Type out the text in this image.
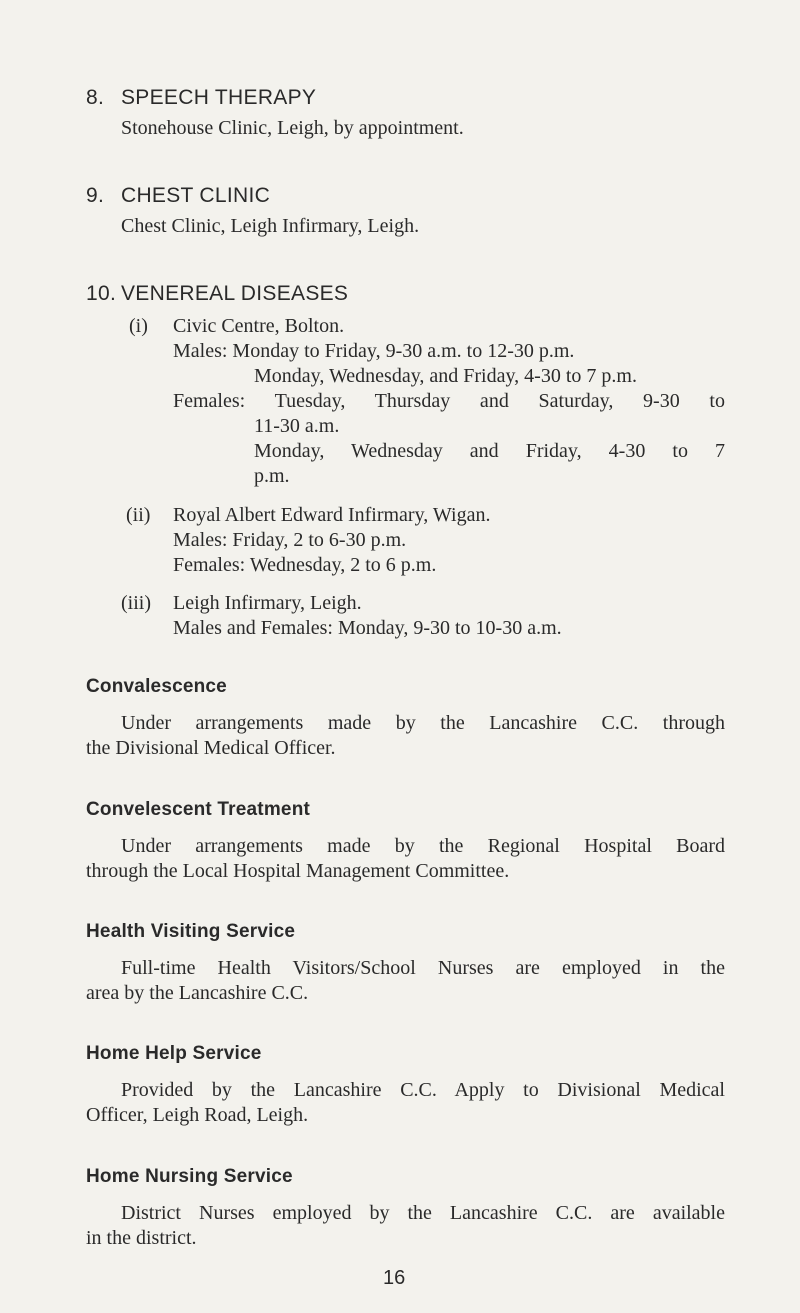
8. SPEECH THERAPY
Stonehouse Clinic, Leigh, by appointment.
9. CHEST CLINIC
Chest Clinic, Leigh Infirmary, Leigh.
10. VENEREAL DISEASES
(i) Civic Centre, Bolton.
Males: Monday to Friday, 9-30 a.m. to 12-30 p.m.
Monday, Wednesday, and Friday, 4-30 to 7 p.m.
Females: Tuesday, Thursday and Saturday, 9-30 to
11-30 a.m.
Monday, Wednesday and Friday, 4-30 to 7
p.m.
(ii) Royal Albert Edward Infirmary, Wigan.
Males: Friday, 2 to 6-30 p.m.
Females: Wednesday, 2 to 6 p.m.
(iii) Leigh Infirmary, Leigh.
Males and Females: Monday, 9-30 to 10-30 a.m.
Convalescence
Under arrangements made by the Lancashire C.C. through
the Divisional Medical Officer.
Convelescent Treatment
Under arrangements made by the Regional Hospital Board
through the Local Hospital Management Committee.
Health Visiting Service
Full-time Health Visitors/School Nurses are employed in the
area by the Lancashire C.C.
Home Help Service
Provided by the Lancashire C.C. Apply to Divisional Medical
Officer, Leigh Road, Leigh.
Home Nursing Service
District Nurses employed by the Lancashire C.C. are available
in the district.
16
